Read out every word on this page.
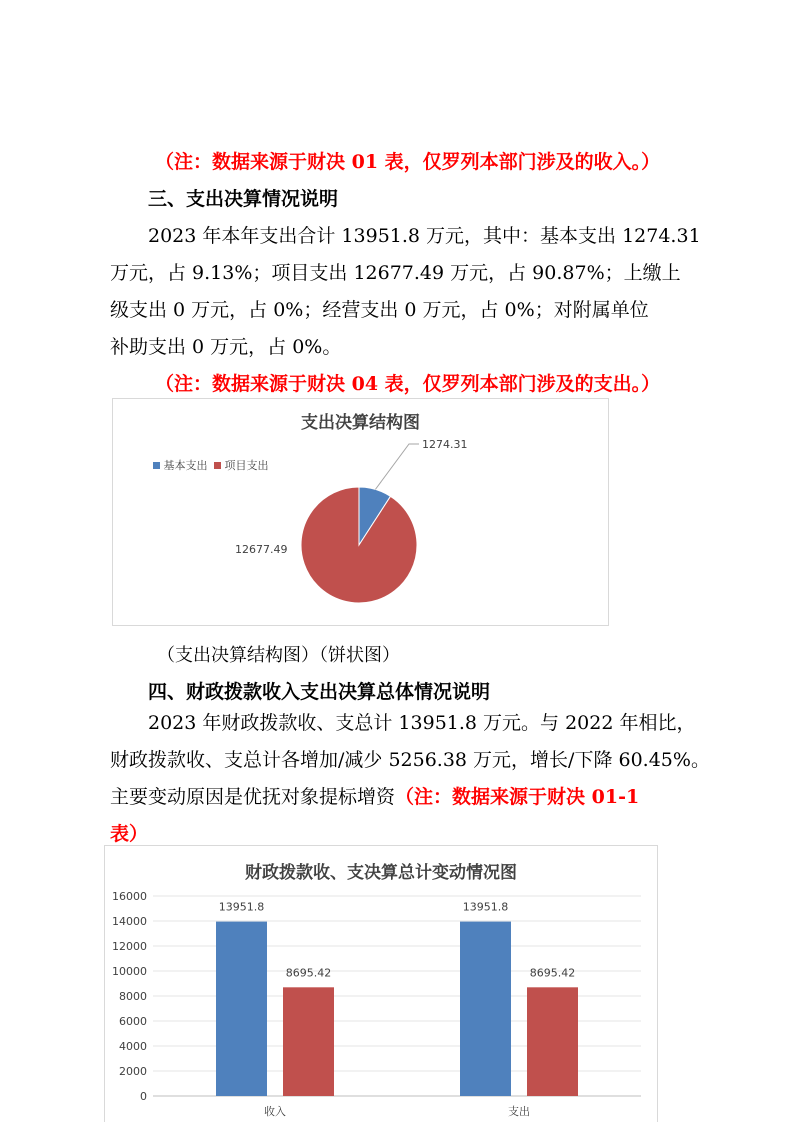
（注：数据来源于财决 01 表，仅罗列本部门涉及的收入。）
三、支出决算情况说明
2023 年本年支出合计 13951.8 万元，其中：基本支出 1274.31
万元，占 9.13%；项目支出 12677.49 万元，占 90.87%；上缴上
级支出 0 万元，占 0%；经营支出 0 万元，占 0%；对附属单位
补助支出 0 万元，占 0%。
（注：数据来源于财决 04 表，仅罗列本部门涉及的支出。）
支出决算结构图
基本支出 项目支出
1274.31
12677.49
（支出决算结构图）（饼状图）
四、财政拨款收入支出决算总体情况说明
2023 年财政拨款收、支总计 13951.8 万元。与 2022 年相比，
财政拨款收、支总计各增加/减少 5256.38 万元，增长/下降 60.45%。
主要变动原因是优抚对象提标增资（注：数据来源于财决 01-1
表）
财政拨款收、支决算总计变动情况图
0
2000
4000
6000
8000
10000
12000
14000
16000
13951.8
8695.42
收入
13951.8
8695.42
支出
